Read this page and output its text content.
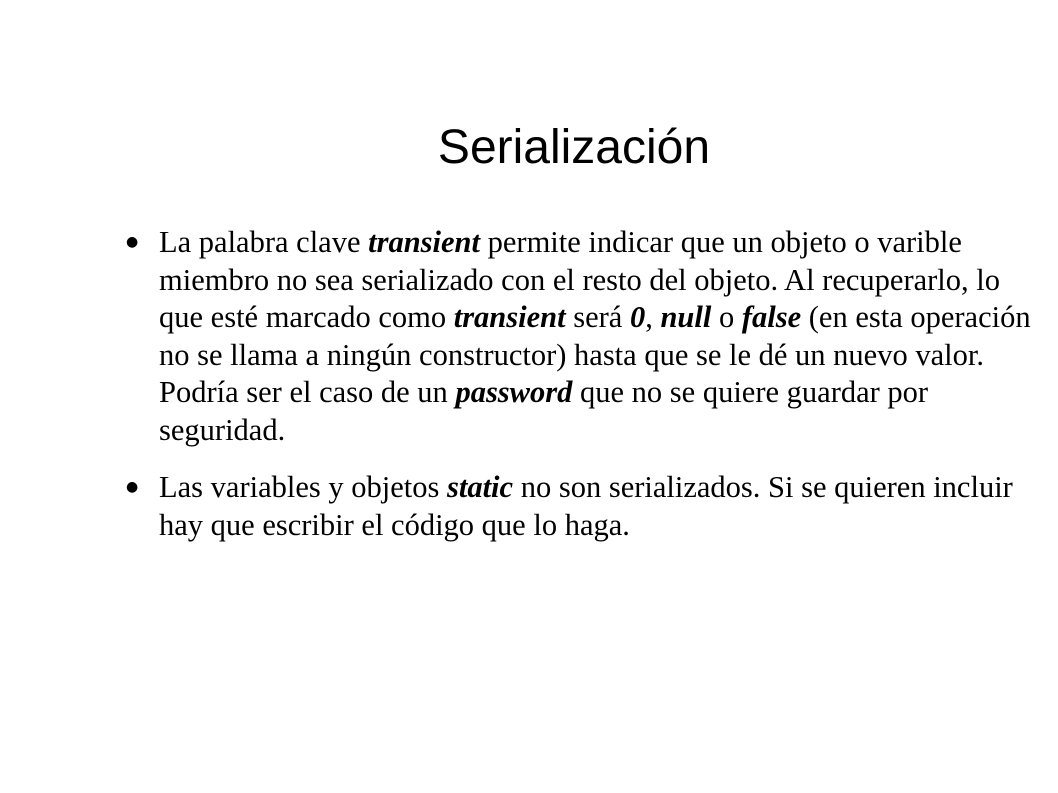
Serialización
● La palabra clave transient permite indicar que un objeto o varible miembro no sea serializado con el resto del objeto. Al recuperarlo, lo que esté marcado como transient será 0, null o false (en esta operación no se llama a ningún constructor) hasta que se le dé un nuevo valor. Podría ser el caso de un password que no se quiere guardar por seguridad.
● Las variables y objetos static no son serializados. Si se quieren incluir hay que escribir el código que lo haga.
